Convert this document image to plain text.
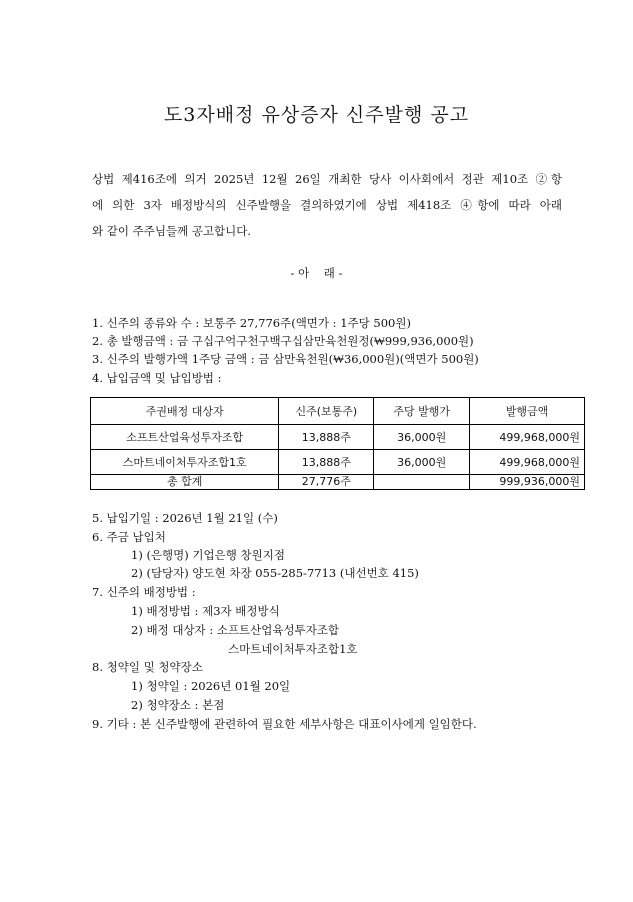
도3자배정 유상증자 신주발행 공고
상법 제416조에 의거 2025년 12월 26일 개최한 당사 이사회에서 정관 제10조 ②항
에 의한 3자 배정방식의 신주발행을 결의하였기에 상법 제418조 ④항에 따라 아래
와 같이 주주님들께 공고합니다.
- 아    래 -
1. 신주의 종류와 수 : 보통주 27,776주(액면가 : 1주당 500원)
2. 총 발행금액 : 금 구십구억구천구백구십삼만육천원정(₩999,936,000원)
3. 신주의 발행가액 1주당 금액 : 금 삼만육천원(₩36,000원)(액면가 500원)
4. 납입금액 및 납입방법 :
주권배정 대상자	신주(보통주)	주당 발행가	발행금액
소프트산업육성투자조합	13,888주	36,000원	499,968,000원
스마트네이처투자조합1호	13,888주	36,000원	499,968,000원
총 합계	27,776주		999,936,000원
5. 납입기일 : 2026년 1월 21일 (수)
6. 주금 납입처
1) (은행명) 기업은행 창원지점
2) (담당자) 양도현 차장 055-285-7713 (내선번호 415)
7. 신주의 배정방법 :
1) 배정방법 : 제3자 배정방식
2) 배정 대상자 : 소프트산업육성투자조합
스마트네이처투자조합1호
8. 청약일 및 청약장소
1) 청약일 : 2026년 01월 20일
2) 청약장소 : 본점
9. 기타 : 본 신주발행에 관련하여 필요한 세부사항은 대표이사에게 일임한다.
